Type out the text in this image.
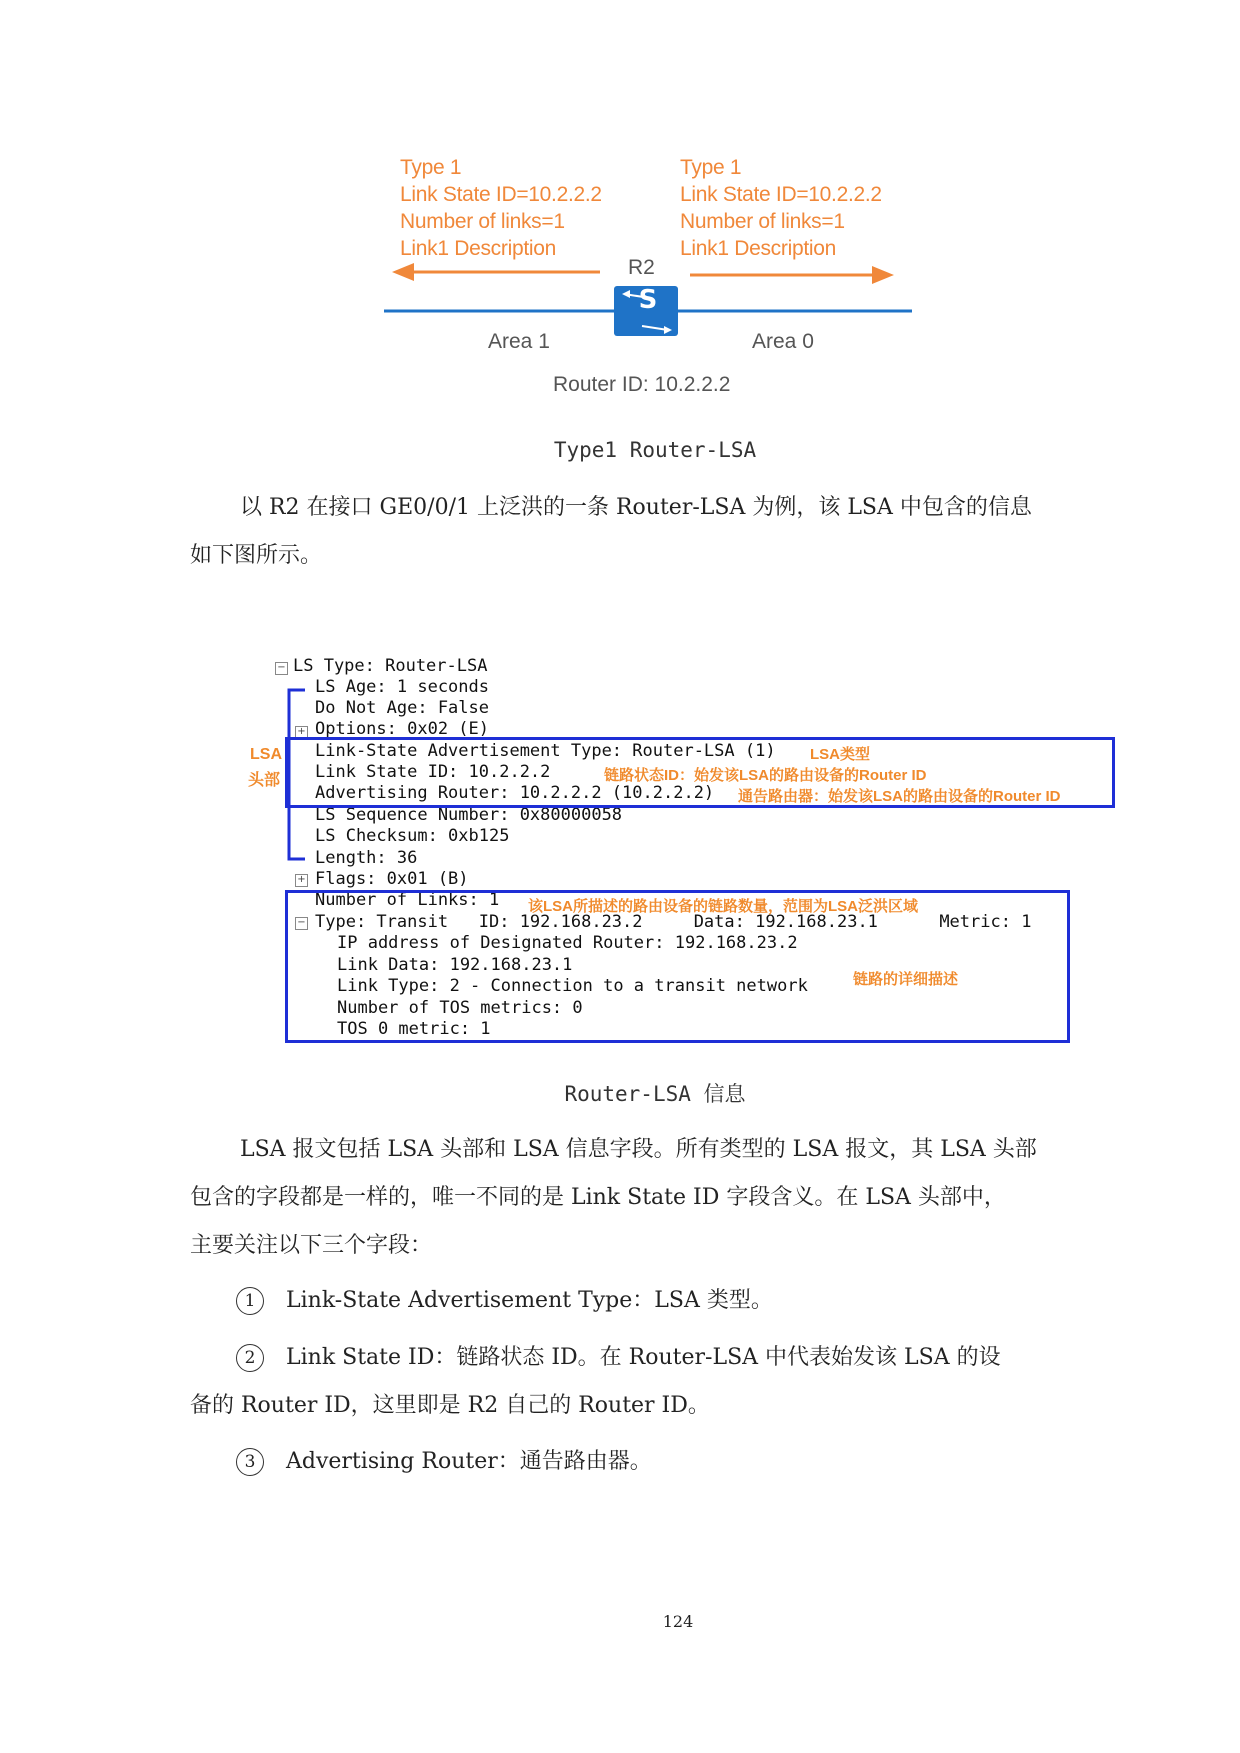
Type 1
Link State ID=10.2.2.2
Number of links=1
Link1 Description
Type 1
Link State ID=10.2.2.2
Number of links=1
Link1 Description
S
R2
Area 1	Area 0
Router ID: 10.2.2.2
Type1 Router-LSA
以 R2 在接口 GE0/0/1 上泛洪的一条 Router-LSA 为例，该 LSA 中包含的信息
如下图所示。
−
+
+
−
LSA
头部
LS Type: Router-LSA
LS Age: 1 seconds
Do Not Age: False
Options: 0x02 (E)
Link-State Advertisement Type: Router-LSA (1)
Link State ID: 10.2.2.2
Advertising Router: 10.2.2.2 (10.2.2.2)
LS Sequence Number: 0x80000058
LS Checksum: 0xb125
Length: 36
Flags: 0x01 (B)
Number of Links: 1
Type: Transit   ID: 192.168.23.2     Data: 192.168.23.1      Metric: 1
IP address of Designated Router: 192.168.23.2
Link Data: 192.168.23.1
Link Type: 2 - Connection to a transit network
Number of TOS metrics: 0
TOS 0 metric: 1
LSA类型
链路状态ID：始发该LSA的路由设备的Router ID
通告路由器：始发该LSA的路由设备的Router ID
该LSA所描述的路由设备的链路数量，范围为LSA泛洪区域
链路的详细描述
Router-LSA 信息
LSA 报文包括 LSA 头部和 LSA 信息字段。所有类型的 LSA 报文，其 LSA 头部
包含的字段都是一样的，唯一不同的是 Link State ID 字段含义。在 LSA 头部中，
主要关注以下三个字段：
1 Link-State Advertisement Type：LSA 类型。
2 Link State ID：链路状态 ID。在 Router-LSA 中代表始发该 LSA 的设
备的 Router ID，这里即是 R2 自己的 Router ID。
3 Advertising Router：通告路由器。
124
